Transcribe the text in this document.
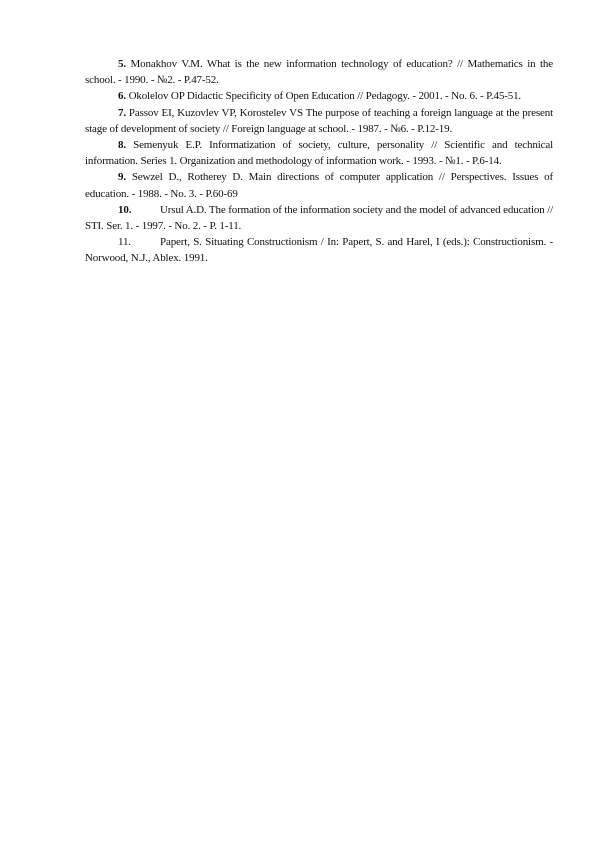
5. Monakhov V.M. What is the new information technology of education? // Mathematics in the school. - 1990. - №2. - P.47-52.

6. Okolelov OP Didactic Specificity of Open Education // Pedagogy. - 2001. - No. 6. - P.45-51.

7. Passov EI, Kuzovlev VP, Korostelev VS The purpose of teaching a foreign language at the present stage of development of society // Foreign language at school. - 1987. - №6. - P.12-19.

8. Semenyuk E.P. Informatization of society, culture, personality // Scientific and technical information. Series 1. Organization and methodology of information work. - 1993. - №1. - P.6-14.

9. Sewzel D., Rotherey D. Main directions of computer application // Perspectives. Issues of education. - 1988. - No. 3. - P.60-69

10.	Ursul A.D. The formation of the information society and the model of advanced education // STI. Ser. 1. - 1997. - No. 2. - P. 1-11.

11.	Papert, S. Situating Constructionism / In: Papert, S. and Harel, I (eds.): Constructionism. - Norwood, N.J., Ablex. 1991.
